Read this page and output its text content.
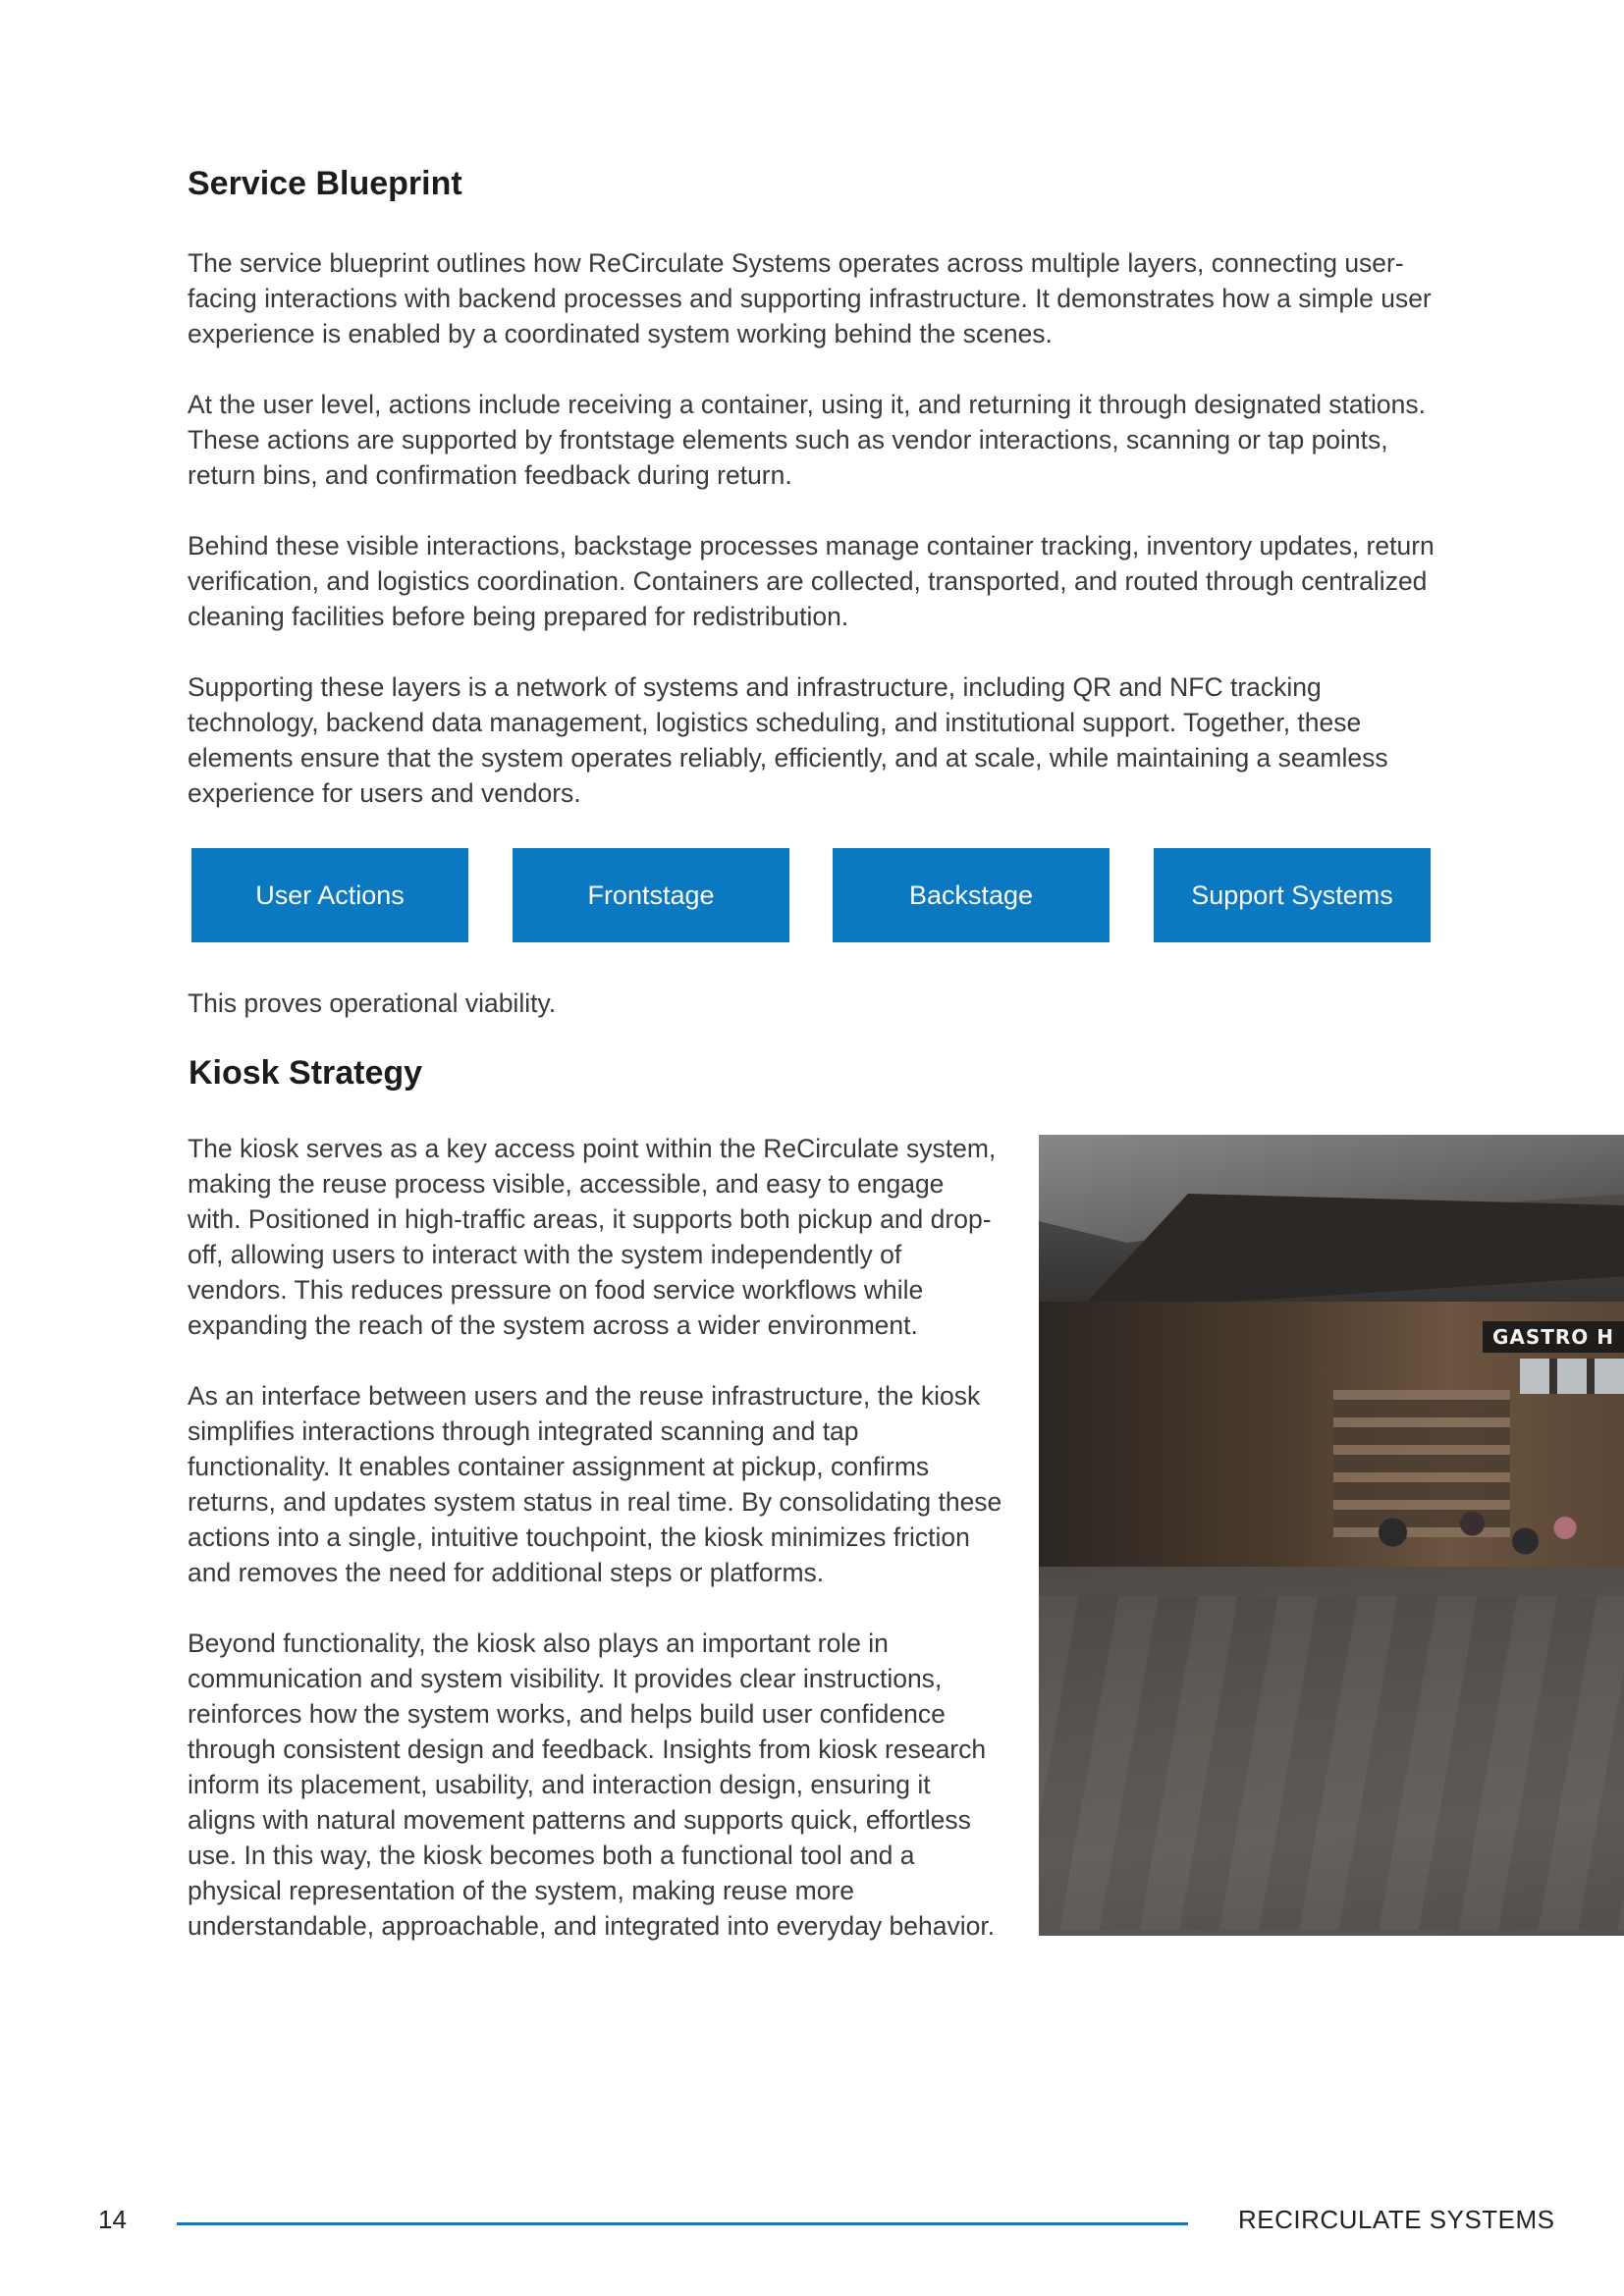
Service Blueprint

The service blueprint outlines how ReCirculate Systems operates across multiple layers, connecting user-facing interactions with backend processes and supporting infrastructure. It demonstrates how a simple user experience is enabled by a coordinated system working behind the scenes.

At the user level, actions include receiving a container, using it, and returning it through designated stations. These actions are supported by frontstage elements such as vendor interactions, scanning or tap points, return bins, and confirmation feedback during return.

Behind these visible interactions, backstage processes manage container tracking, inventory updates, return verification, and logistics coordination. Containers are collected, transported, and routed through centralized cleaning facilities before being prepared for redistribution.

Supporting these layers is a network of systems and infrastructure, including QR and NFC tracking technology, backend data management, logistics scheduling, and institutional support. Together, these elements ensure that the system operates reliably, efficiently, and at scale, while maintaining a seamless experience for users and vendors.

User Actions	Frontstage	Backstage	Support Systems

This proves operational viability.

Kiosk Strategy

The kiosk serves as a key access point within the ReCirculate system, making the reuse process visible, accessible, and easy to engage with. Positioned in high-traffic areas, it supports both pickup and drop-off, allowing users to interact with the system independently of vendors. This reduces pressure on food service workflows while expanding the reach of the system across a wider environment.

As an interface between users and the reuse infrastructure, the kiosk simplifies interactions through integrated scanning and tap functionality. It enables container assignment at pickup, confirms returns, and updates system status in real time. By consolidating these actions into a single, intuitive touchpoint, the kiosk minimizes friction and removes the need for additional steps or platforms.

Beyond functionality, the kiosk also plays an important role in communication and system visibility. It provides clear instructions, reinforces how the system works, and helps build user confidence through consistent design and feedback. Insights from kiosk research inform its placement, usability, and interaction design, ensuring it aligns with natural movement patterns and supports quick, effortless use. In this way, the kiosk becomes both a functional tool and a physical representation of the system, making reuse more understandable, approachable, and integrated into everyday behavior.

GASTRO H
14	RECIRCULATE SYSTEMS
